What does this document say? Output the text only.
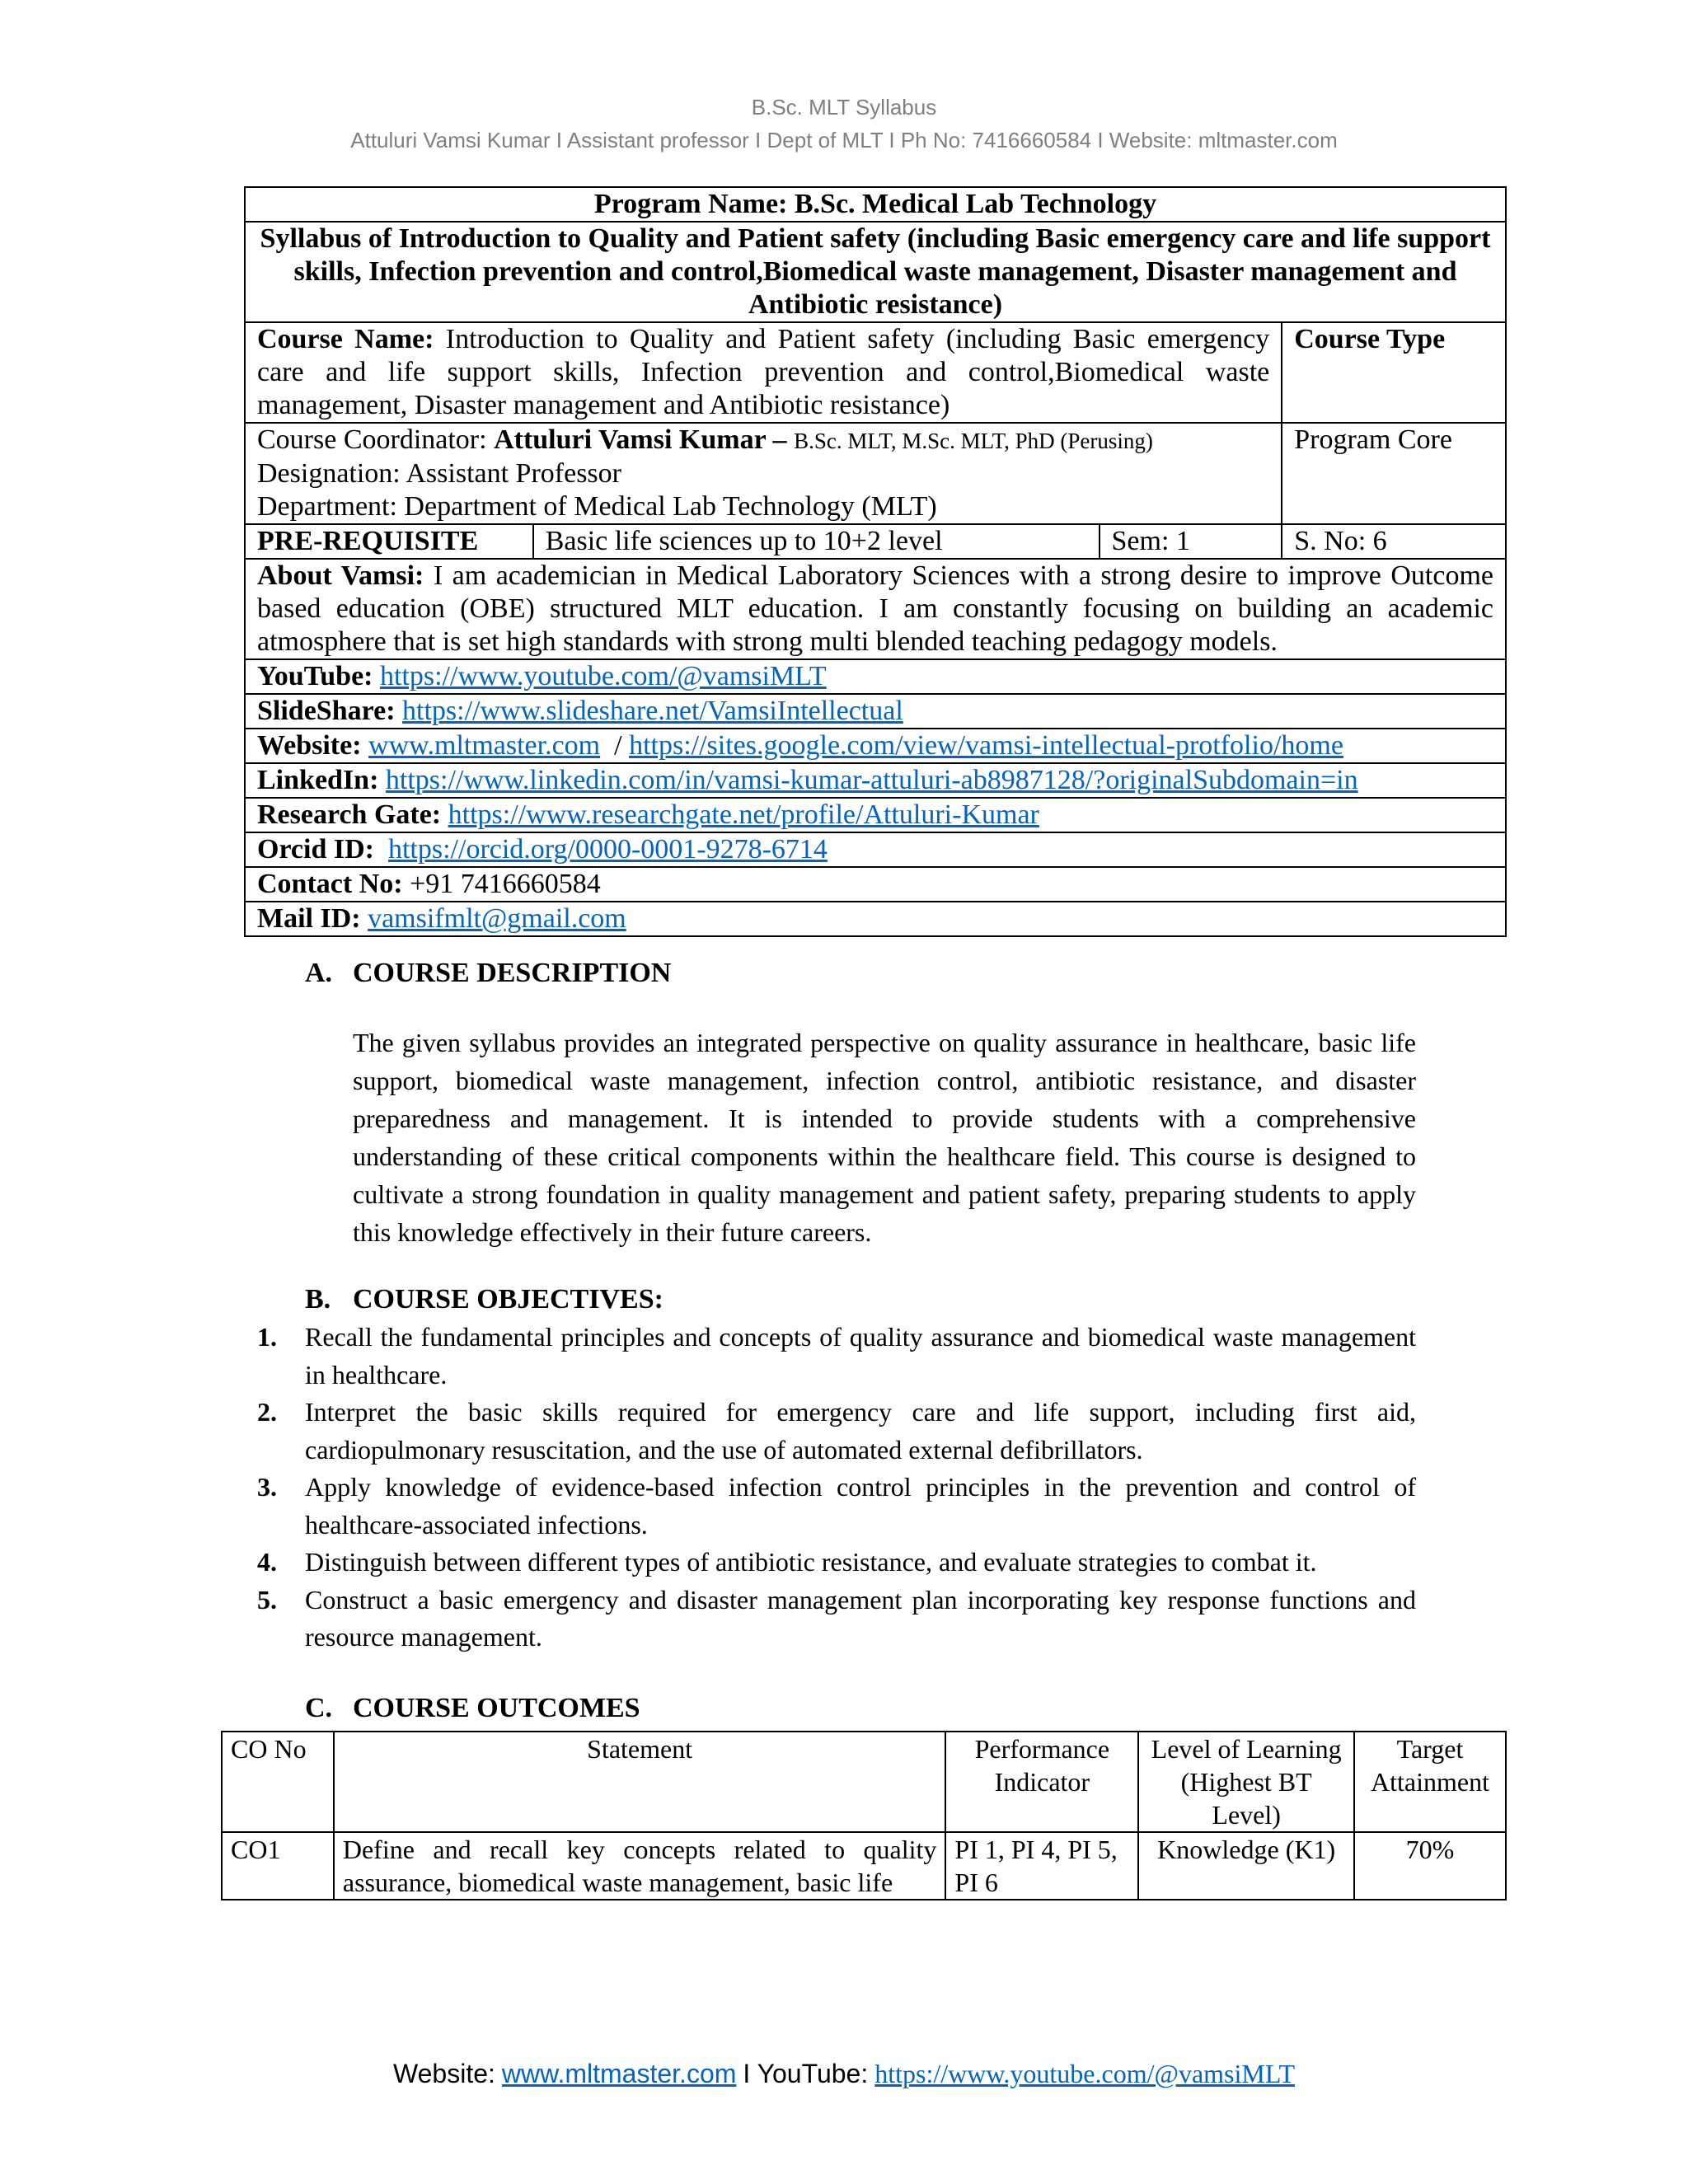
B.Sc. MLT Syllabus
Attuluri Vamsi Kumar I Assistant professor I Dept of MLT I Ph No: 7416660584 I Website: mltmaster.com
Program Name: B.Sc. Medical Lab Technology			
Syllabus of Introduction to Quality and Patient safety (including Basic emergency care and life support skills, Infection prevention and control,Biomedical waste management, Disaster management and Antibiotic resistance)			
Course Name: Introduction to Quality and Patient safety (including Basic emergency care and life support skills, Infection prevention and control,Biomedical waste management, Disaster management and Antibiotic resistance)			Course Type

Course Coordinator: Attuluri Vamsi Kumar – B.Sc. MLT, M.Sc. MLT, PhD (Perusing)
Designation: Assistant Professor
Department: Department of Medical Lab Technology (MLT)			Program Core
PRE-REQUISITE	Basic life sciences up to 10+2 level	Sem: 1	S. No: 6
About Vamsi: I am academician in Medical Laboratory Sciences with a strong desire to improve Outcome based education (OBE) structured MLT education. I am constantly focusing on building an academic atmosphere that is set high standards with strong multi blended teaching pedagogy models.			
YouTube: https://www.youtube.com/@vamsiMLT			
SlideShare: https://www.slideshare.net/VamsiIntellectual			
Website: www.mltmaster.com / https://sites.google.com/view/vamsi-intellectual-protfolio/home			
LinkedIn: https://www.linkedin.com/in/vamsi-kumar-attuluri-ab8987128/?originalSubdomain=in			
Research Gate: https://www.researchgate.net/profile/Attuluri-Kumar			
Orcid ID: https://orcid.org/0000-0001-9278-6714			
Contact No: +91 7416660584			
Mail ID: vamsifmlt@gmail.com			
A. COURSE DESCRIPTION
The given syllabus provides an integrated perspective on quality assurance in healthcare, basic life support, biomedical waste management, infection control, antibiotic resistance, and disaster preparedness and management. It is intended to provide students with a comprehensive understanding of these critical components within the healthcare field. This course is designed to cultivate a strong foundation in quality management and patient safety, preparing students to apply this knowledge effectively in their future careers.
B. COURSE OBJECTIVES:
1. Recall the fundamental principles and concepts of quality assurance and biomedical waste management in healthcare.
2. Interpret the basic skills required for emergency care and life support, including first aid, cardiopulmonary resuscitation, and the use of automated external defibrillators.
3. Apply knowledge of evidence-based infection control principles in the prevention and control of healthcare-associated infections.
4. Distinguish between different types of antibiotic resistance, and evaluate strategies to combat it.
5. Construct a basic emergency and disaster management plan incorporating key response functions and resource management.
C. COURSE OUTCOMES
CO No	Statement	Performance Indicator	Level of Learning (Highest BT Level)	Target Attainment
CO1	Define and recall key concepts related to quality assurance, biomedical waste management, basic life	PI 1, PI 4, PI 5, PI 6	Knowledge (K1)	70%
Website: www.mltmaster.com I YouTube: https://www.youtube.com/@vamsiMLT
